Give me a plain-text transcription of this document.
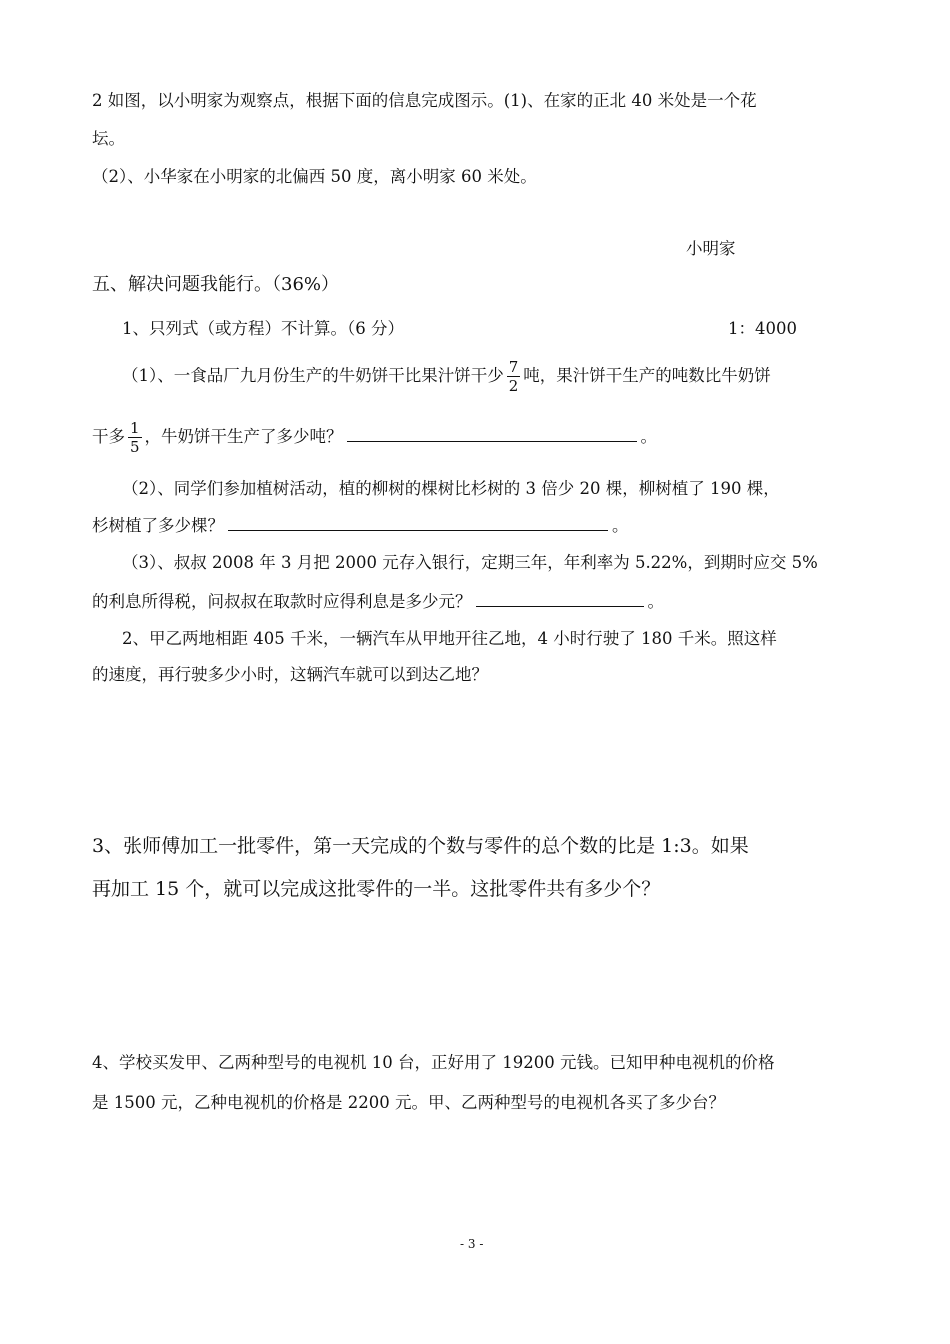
2 如图，以小明家为观察点，根据下面的信息完成图示。(1)、在家的正北 40 米处是一个花
坛。
（2）、小华家在小明家的北偏西 50 度，离小明家 60 米处。
小明家
五、解决问题我能行。（36%）
1、只列式（或方程）不计算。（6 分）	1：4000
（1）、一食品厂九月份生产的牛奶饼干比果汁饼干少 $\frac{7}{2}$ 吨，果汁饼干生产的吨数比牛奶饼
干多 $\frac{1}{5}$ ，牛奶饼干生产了多少吨？	。
（2）、同学们参加植树活动，植的柳树的棵树比杉树的 3 倍少 20 棵，柳树植了 190 棵，
杉树植了多少棵？	。
（3）、叔叔 2008 年 3 月把 2000 元存入银行，定期三年，年利率为 5.22%，到期时应交 5%
的利息所得税，问叔叔在取款时应得利息是多少元？	。
2、甲乙两地相距 405 千米，一辆汽车从甲地开往乙地，4 小时行驶了 180 千米。照这样
的速度，再行驶多少小时，这辆汽车就可以到达乙地？
3、张师傅加工一批零件，第一天完成的个数与零件的总个数的比是 1:3。如果
再加工 15 个，就可以完成这批零件的一半。这批零件共有多少个？
4、学校买发甲、乙两种型号的电视机 10 台，正好用了 19200 元钱。已知甲种电视机的价格
是 1500 元，乙种电视机的价格是 2200 元。甲、乙两种型号的电视机各买了多少台？
- 3 -
